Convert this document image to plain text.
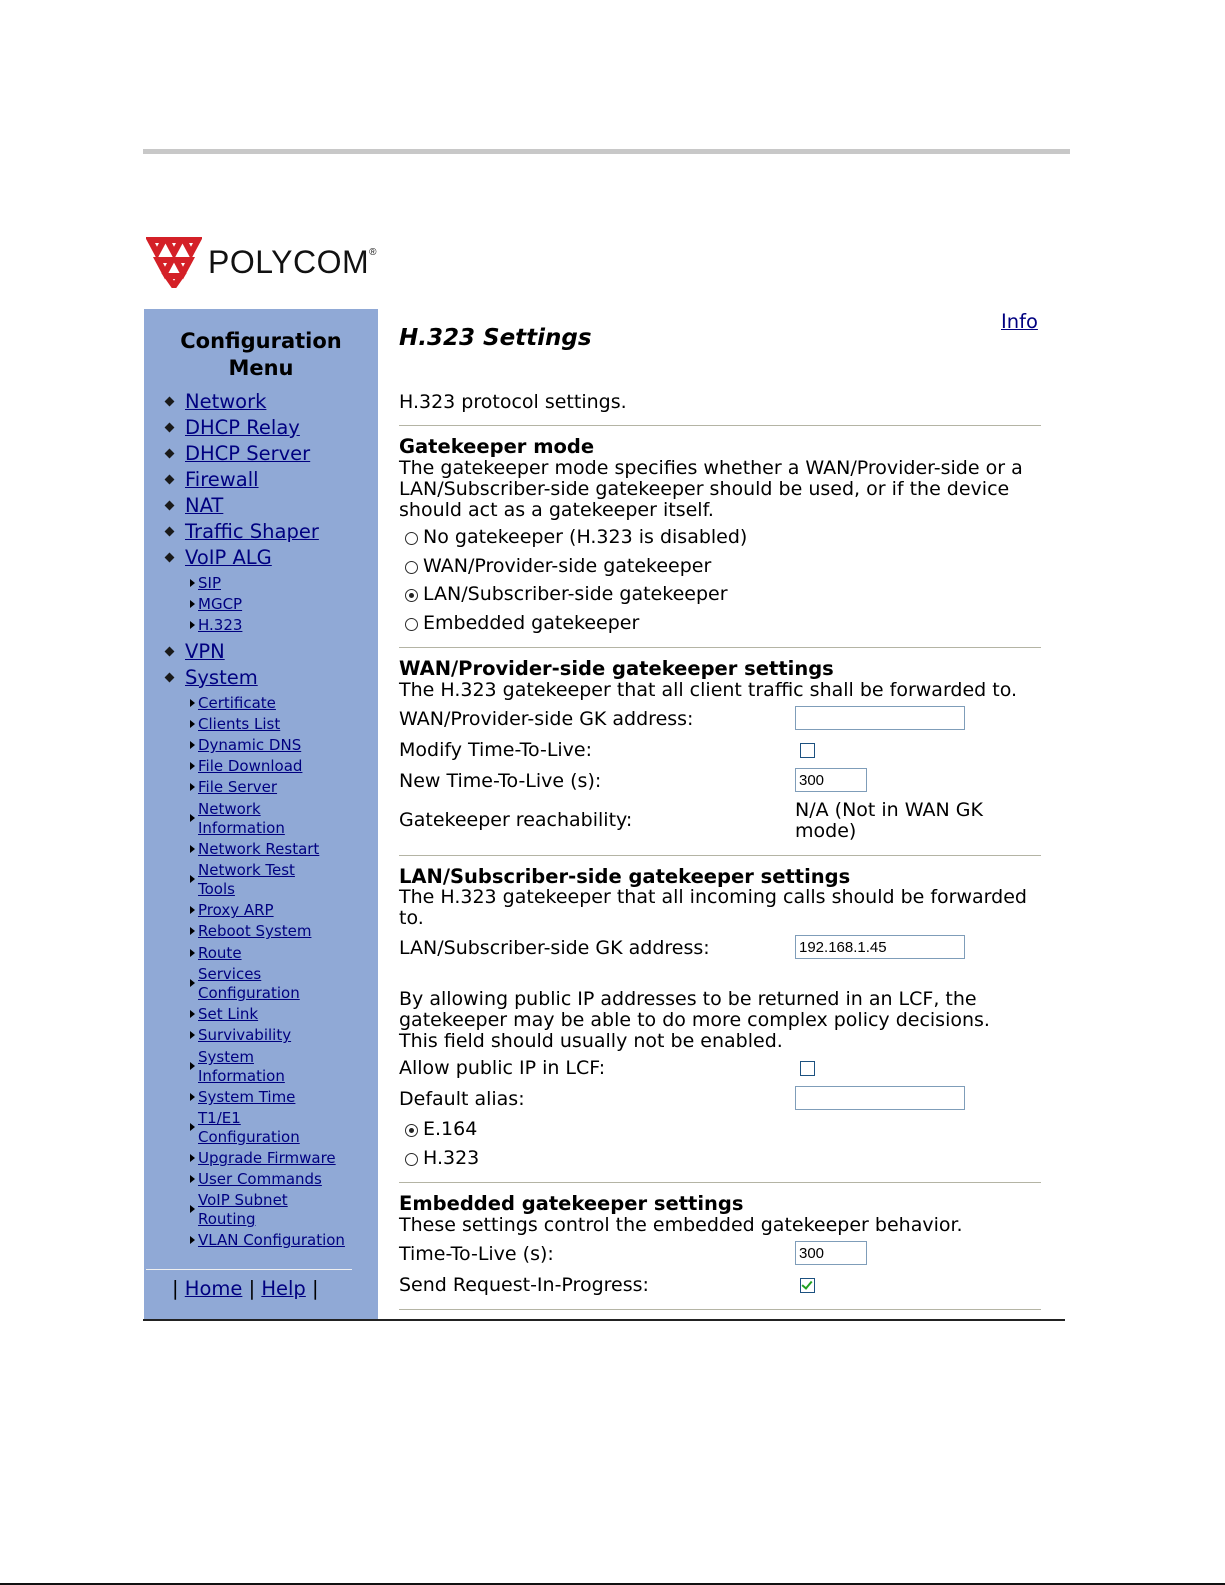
POLYCOM®
Configuration
Menu
Network
DHCP Relay
DHCP Server
Firewall
NAT
Traffic Shaper
VoIP ALG
SIP
MGCP
H.323
VPN
System
Certificate
Clients List
Dynamic DNS
File Download
File Server
Network
Information
Network Restart
Network Test
Tools
Proxy ARP
Reboot System
Route
Services
Configuration
Set Link
Survivability
System
Information
System Time
T1/E1
Configuration
Upgrade Firmware
User Commands
VoIP Subnet
Routing
VLAN Configuration
| Home | Help |
Info
H.323 Settings
H.323 protocol settings.
Gatekeeper mode
The gatekeeper mode specifies whether a WAN/Provider-side or a
LAN/Subscriber-side gatekeeper should be used, or if the device
should act as a gatekeeper itself.
No gatekeeper (H.323 is disabled)
WAN/Provider-side gatekeeper
LAN/Subscriber-side gatekeeper
Embedded gatekeeper
WAN/Provider-side gatekeeper settings
The H.323 gatekeeper that all client traffic shall be forwarded to.
WAN/Provider-side GK address:
Modify Time-To-Live:
New Time-To-Live (s):	300
Gatekeeper reachability:	N/A (Not in WAN GK
mode)
LAN/Subscriber-side gatekeeper settings
The H.323 gatekeeper that all incoming calls should be forwarded
to.
LAN/Subscriber-side GK address:	192.168.1.45
By allowing public IP addresses to be returned in an LCF, the
gatekeeper may be able to do more complex policy decisions.
This field should usually not be enabled.
Allow public IP in LCF:
Default alias:
E.164
H.323
Embedded gatekeeper settings
These settings control the embedded gatekeeper behavior.
Time-To-Live (s):	300
Send Request-In-Progress:
